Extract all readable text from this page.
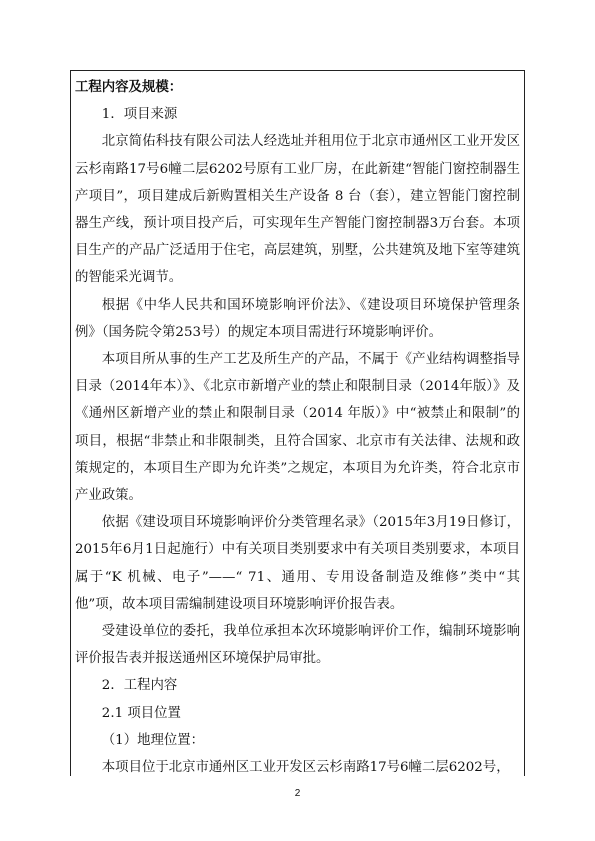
工程内容及规模：

1．项目来源

北京简佑科技有限公司法人经选址并租用位于北京市通州区工业开发区云杉南路17号6幢二层6202号原有工业厂房，在此新建“智能门窗控制器生产项目”，项目建成后新购置相关生产设备 8 台（套），建立智能门窗控制器生产线，预计项目投产后，可实现年生产智能门窗控制器3万台套。本项目生产的产品广泛适用于住宅，高层建筑，别墅，公共建筑及地下室等建筑的智能采光调节。

根据《中华人民共和国环境影响评价法》、《建设项目环境保护管理条例》（国务院令第253号）的规定本项目需进行环境影响评价。

本项目所从事的生产工艺及所生产的产品，不属于《产业结构调整指导目录（2014年本）》、《北京市新增产业的禁止和限制目录（2014年版）》及《通州区新增产业的禁止和限制目录（2014 年版）》中“被禁止和限制”的项目，根据“非禁止和非限制类，且符合国家、北京市有关法律、法规和政策规定的，本项目生产即为允许类”之规定，本项目为允许类，符合北京市产业政策。

依据《建设项目环境影响评价分类管理名录》（2015年3月19日修订，2015年6月1日起施行）中有关项目类别要求中有关项目类别要求，本项目属于“K 机械、电子”——“ 71、通用、专用设备制造及维修”类中“其他”项，故本项目需编制建设项目环境影响评价报告表。

受建设单位的委托，我单位承担本次环境影响评价工作，编制环境影响评价报告表并报送通州区环境保护局审批。

2．工程内容

2.1 项目位置

（1）地理位置：

本项目位于北京市通州区工业开发区云杉南路17号6幢二层6202号，

2
